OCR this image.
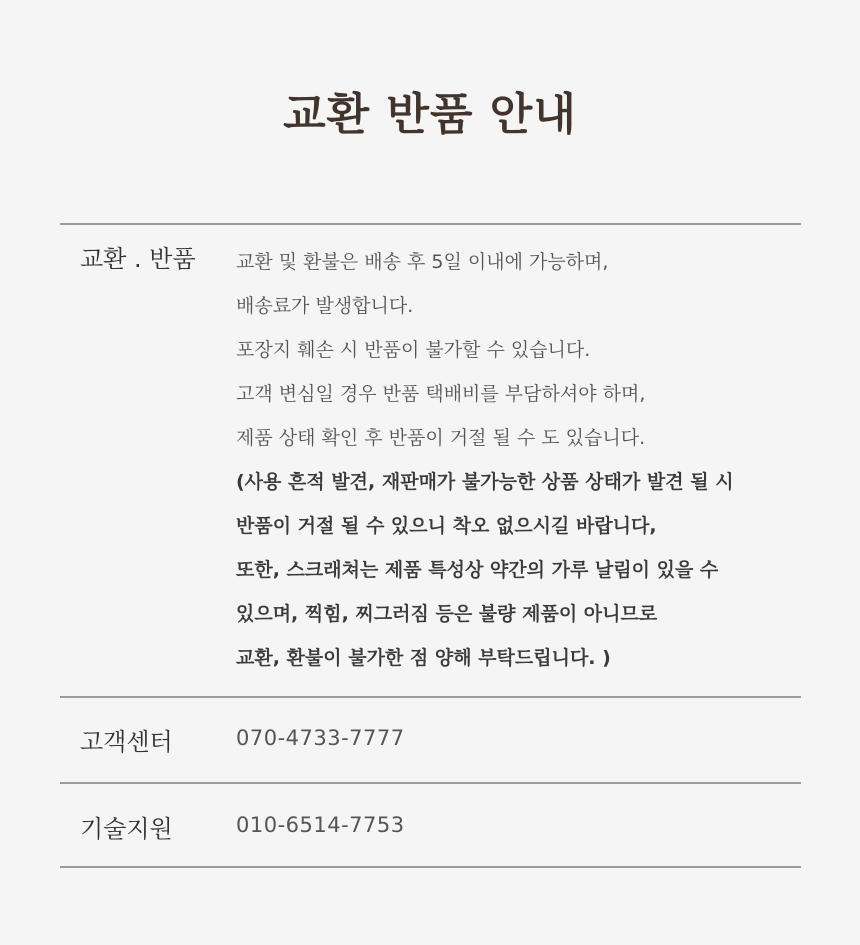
교환 반품 안내
교환 . 반품 교환 및 환불은 배송 후 5일 이내에 가능하며,
배송료가 발생합니다.
포장지 훼손 시 반품이 불가할 수 있습니다.
고객 변심일 경우 반품 택배비를 부담하셔야 하며,
제품 상태 확인 후 반품이 거절 될 수 도 있습니다.
(사용 흔적 발견, 재판매가 불가능한 상품 상태가 발견 될 시
반품이 거절 될 수 있으니 착오 없으시길 바랍니다,
또한, 스크래쳐는 제품 특성상 약간의 가루 날림이 있을 수
있으며, 찍힘, 찌그러짐 등은 불량 제품이 아니므로
교환, 환불이 불가한 점 양해 부탁드립니다. )
고객센터	070-4733-7777
기술지원	010-6514-7753
